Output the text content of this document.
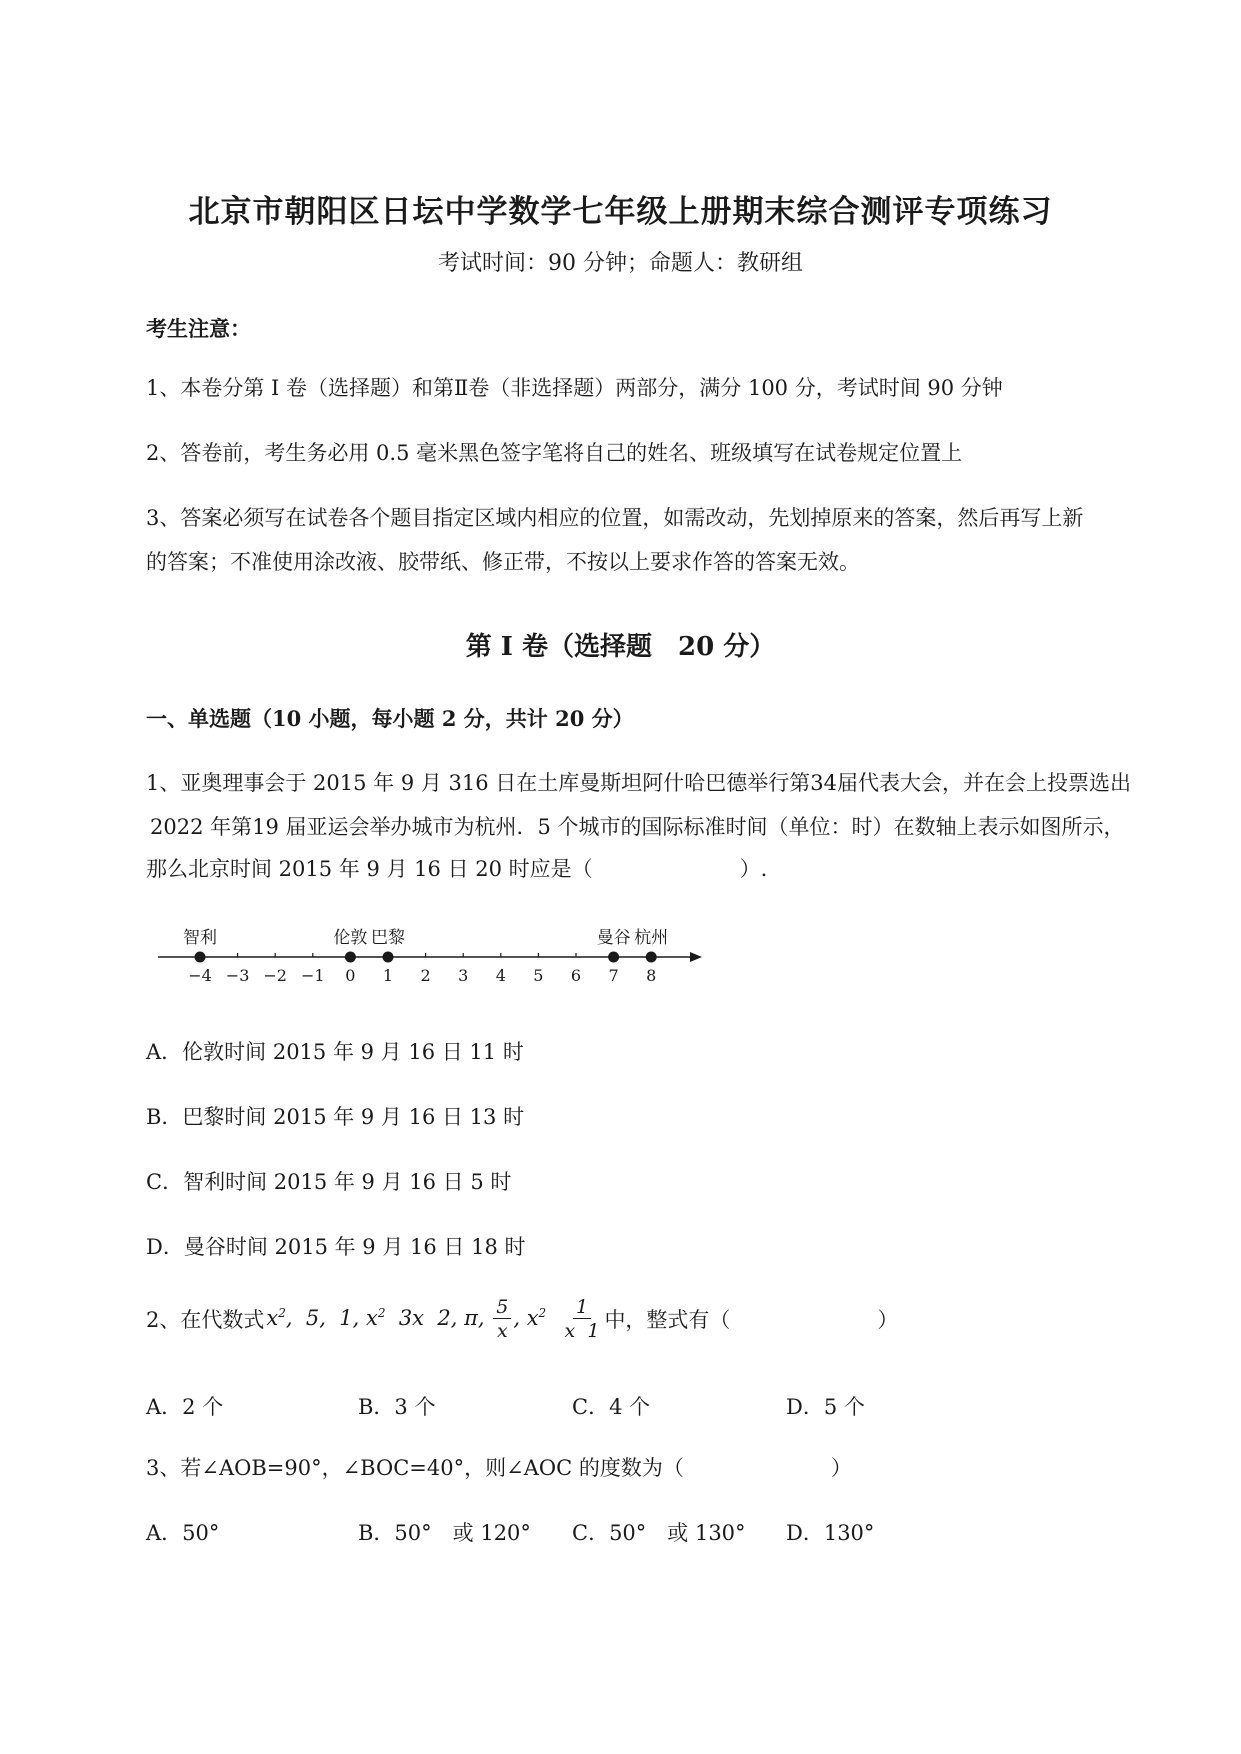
北京市朝阳区日坛中学数学七年级上册期末综合测评专项练习
考试时间：90 分钟；命题人：教研组
考生注意：
1、本卷分第 I 卷（选择题）和第Ⅱ卷（非选择题）两部分，满分 100 分，考试时间 90 分钟
2、答卷前，考生务必用 0.5 毫米黑色签字笔将自己的姓名、班级填写在试卷规定位置上
3、答案必须写在试卷各个题目指定区域内相应的位置，如需改动，先划掉原来的答案，然后再写上新
的答案；不准使用涂改液、胶带纸、修正带，不按以上要求作答的答案无效。
第 I 卷（选择题　20 分）
一、单选题（10 小题，每小题 2 分，共计 20 分）
1、亚奥理事会于 2015 年 9 月 316 日在土库曼斯坦阿什哈巴德举行第34届代表大会，并在会上投票选出
2022 年第19 届亚运会举办城市为杭州．5 个城市的国际标准时间（单位：时）在数轴上表示如图所示，
那么北京时间 2015 年 9 月 16 日 20 时应是（　　　　　　　）.
−4 −3 −2 −1 0 1 2 3 4 5 6 7 8
智利	伦敦 巴黎	曼谷 杭州
A．伦敦时间 2015 年 9 月 16 日 11 时
B．巴黎时间 2015 年 9 月 16 日 13 时
C．智利时间 2015 年 9 月 16 日 5 时
D．曼谷时间 2015 年 9 月 16 日 18 时
2、在代数式 $x^2$,  5,  1, $x^2$  3x  2, π, $\frac{5}{x}$ , $x^2 \frac{1}{x 1}$ 中，整式有（　　　　　　　）
A．2 个	B．3 个	C．4 个	D．5 个
3、若∠AOB=90°，∠BOC=40°，则∠AOC 的度数为（　　　　　　　）
A．50°	B．50°　或 120° C．50°　或 130° D．130°
